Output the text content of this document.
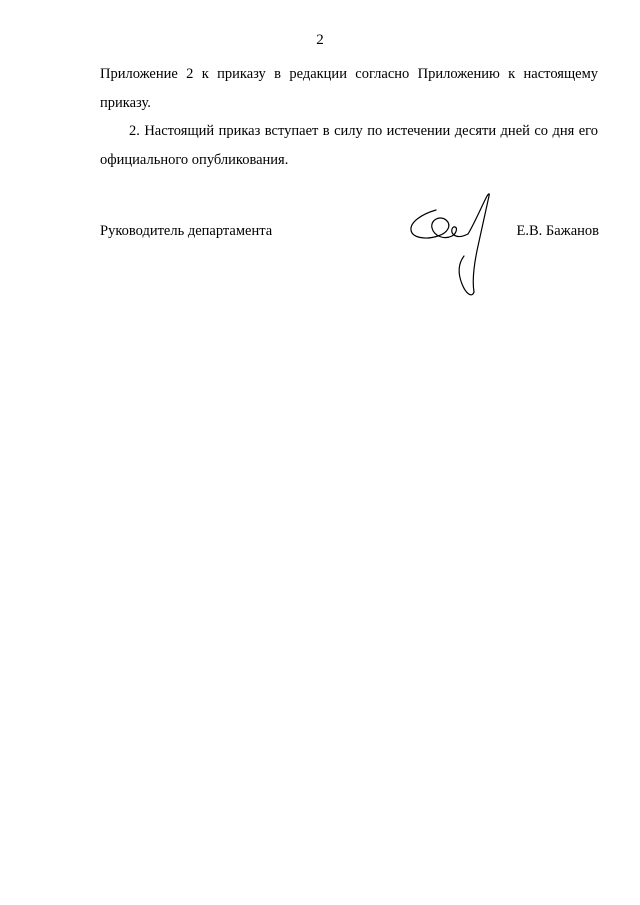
2
Приложение 2 к приказу в редакции согласно Приложению к настоящему приказу.
2. Настоящий приказ вступает в силу по истечении десяти дней со дня его официального опубликования.
Руководитель департамента	Е.В. Бажанов
